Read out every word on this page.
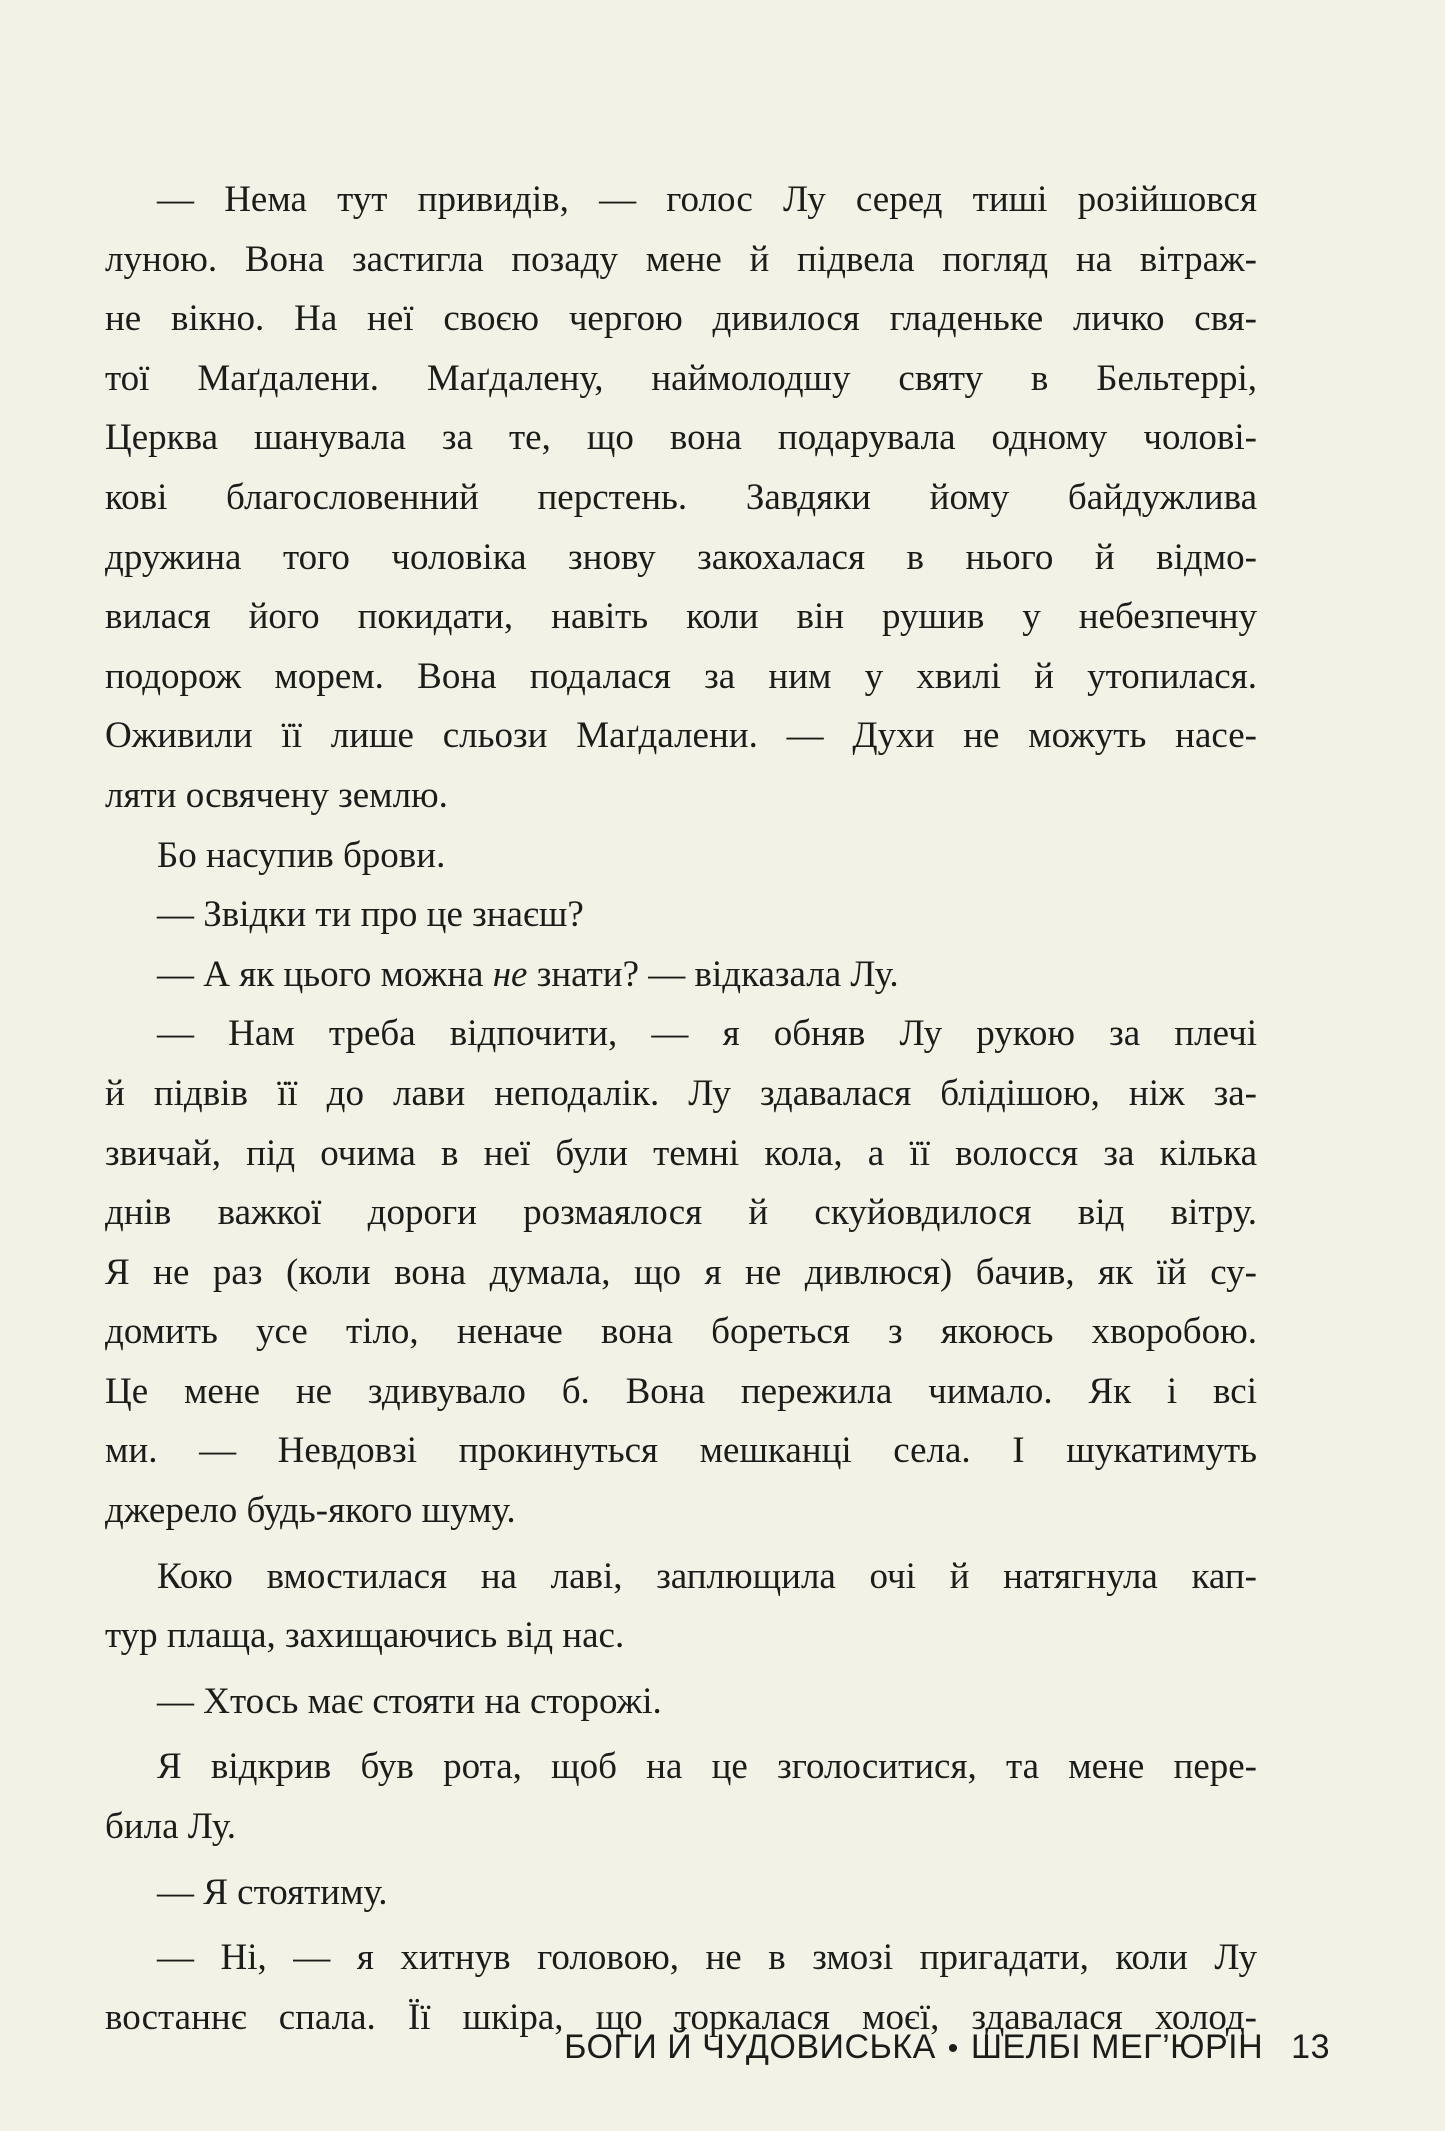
— Нема тут привидів, — голос Лу серед тиші розійшовся
луною. Вона застигла позаду мене й підвела погляд на вітраж-
не вікно. На неї своєю чергою дивилося гладеньке личко свя-
тої Маґдалени. Маґдалену, наймолодшу святу в Бельтеррі,
Церква шанувала за те, що вона подарувала одному чолові-
кові благословенний перстень. Завдяки йому байдужлива
дружина того чоловіка знову закохалася в нього й відмо-
вилася його покидати, навіть коли він рушив у небезпечну
подорож морем. Вона подалася за ним у хвилі й утопилася.
Оживили її лише сльози Маґдалени. — Духи не можуть насе-
ляти освячену землю.
Бо насупив брови.
— Звідки ти про це знаєш?
— А як цього можна не знати? — відказала Лу.
— Нам треба відпочити, — я обняв Лу рукою за плечі
й підвів її до лави неподалік. Лу здавалася блідішою, ніж за-
звичай, під очима в неї були темні кола, а її волосся за кілька
днів важкої дороги розмаялося й скуйовдилося від вітру.
Я не раз (коли вона думала, що я не дивлюся) бачив, як їй су-
домить усе тіло, неначе вона бореться з якоюсь хворобою.
Це мене не здивувало б. Вона пережила чимало. Як і всі
ми. — Невдовзі прокинуться мешканці села. І шукатимуть
джерело будь-якого шуму.
Коко вмостилася на лаві, заплющила очі й натягнула кап-
тур плаща, захищаючись від нас.
— Хтось має стояти на сторожі.
Я відкрив був рота, щоб на це зголоситися, та мене пере-
била Лу.
— Я стоятиму.
— Ні, — я хитнув головою, не в змозі пригадати, коли Лу
востаннє спала. Її шкіра, що торкалася моєї, здавалася холод-
БОГИ Й ЧУДОВИСЬКА • ШЕЛБІ МЕГ’ЮРІН 13
